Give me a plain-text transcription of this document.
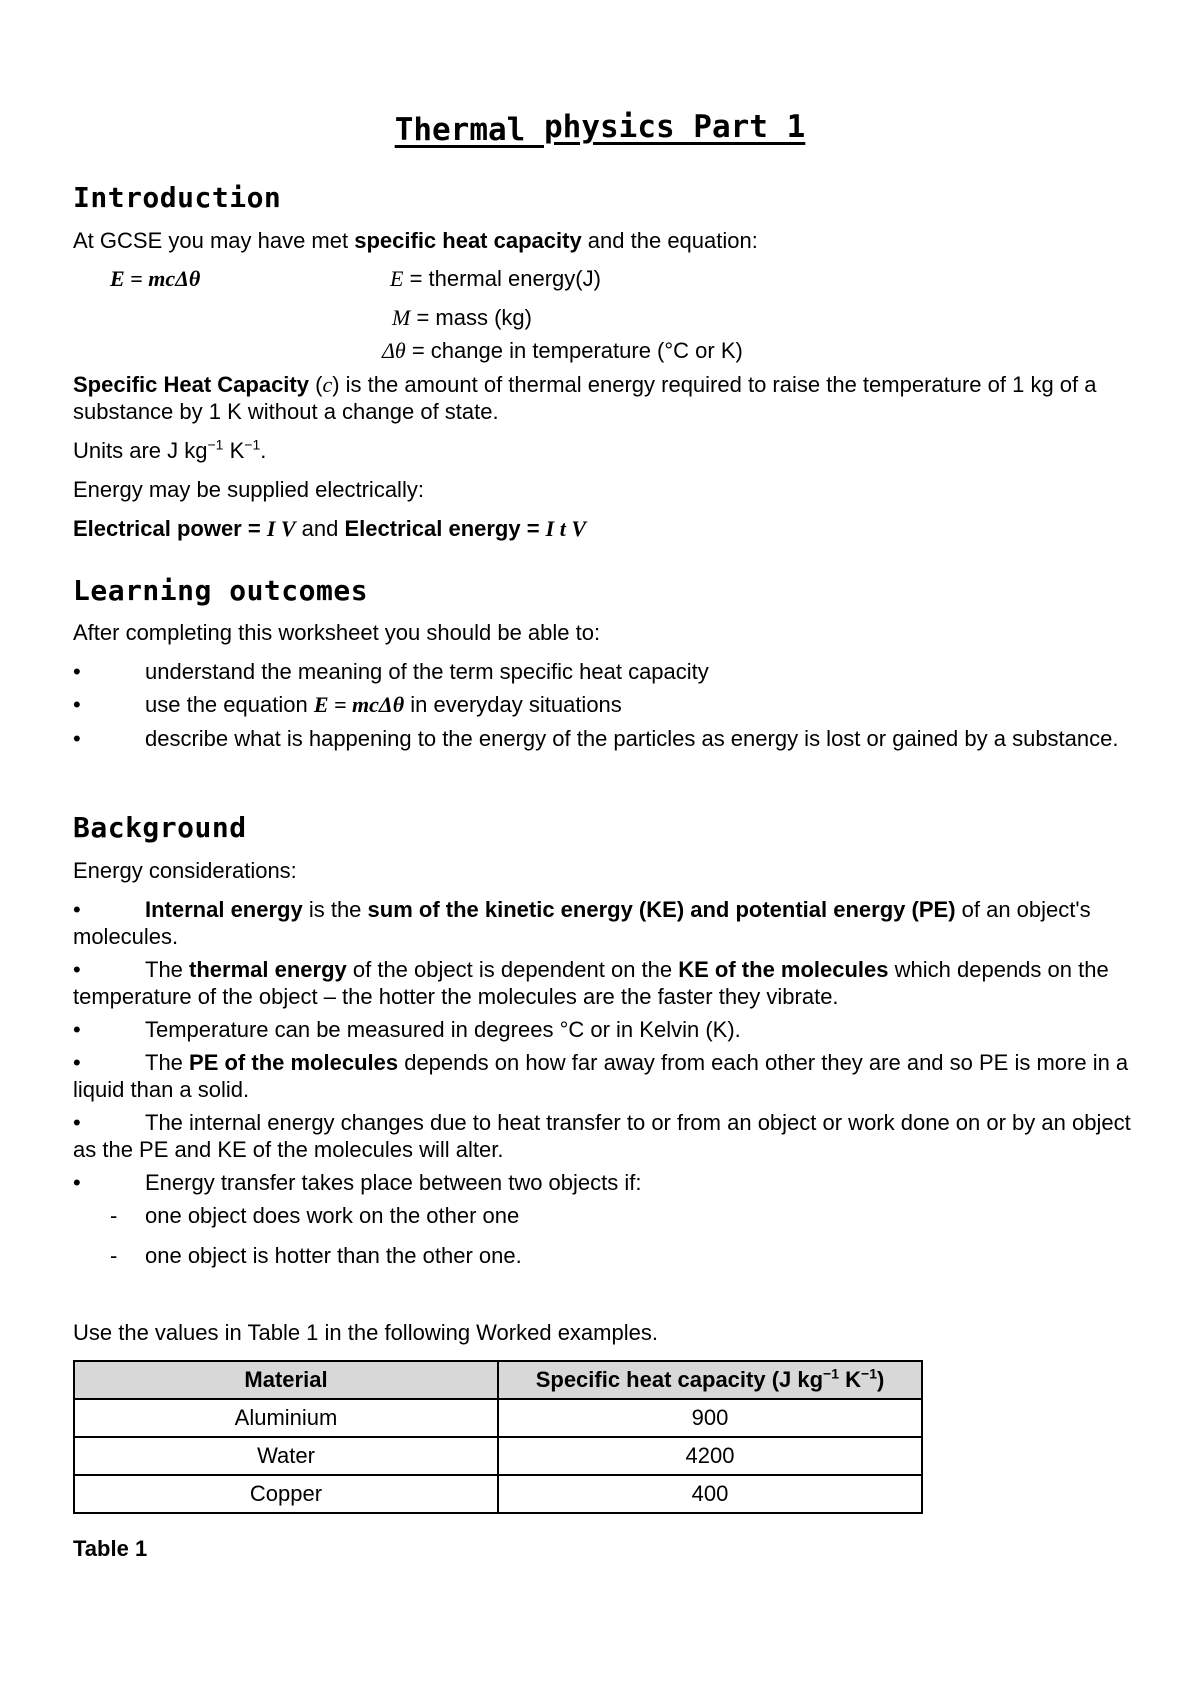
Thermal physics Part 1
Introduction
At GCSE you may have met specific heat capacity and the equation:
E = mcΔθ	E = thermal energy(J)
M = mass (kg)
Δθ = change in temperature (°C or K)
Specific Heat Capacity (c) is the amount of thermal energy required to raise the temperature of 1 kg of a substance by 1 K without a change of state.
Units are J $kg^{-1}$ $K^{-1}$.
Energy may be supplied electrically:
Electrical power = I V and Electrical energy = I t V
Learning outcomes
After completing this worksheet you should be able to:
•	understand the meaning of the term specific heat capacity
•	use the equation E = mcΔθ in everyday situations
• describe what is happening to the energy of the particles as energy is lost or gained by a substance.
Background
Energy considerations:
• Internal energy is the sum of the kinetic energy (KE) and potential energy (PE) of an object's molecules.
• The thermal energy of the object is dependent on the KE of the molecules which depends on the temperature of the object – the hotter the molecules are the faster they vibrate.
• Temperature can be measured in degrees °C or in Kelvin (K).
• The PE of the molecules depends on how far away from each other they are and so PE is more in a liquid than a solid.
• The internal energy changes due to heat transfer to or from an object or work done on or by an object as the PE and KE of the molecules will alter.
• Energy transfer takes place between two objects if:
- one object does work on the other one
- one object is hotter than the other one.
Use the values in Table 1 in the following Worked examples.
Material	Specific heat capacity (J $kg^{-1}$ $K^{-1}$)
Aluminium	900
Water	4200
Copper	400
Table 1
